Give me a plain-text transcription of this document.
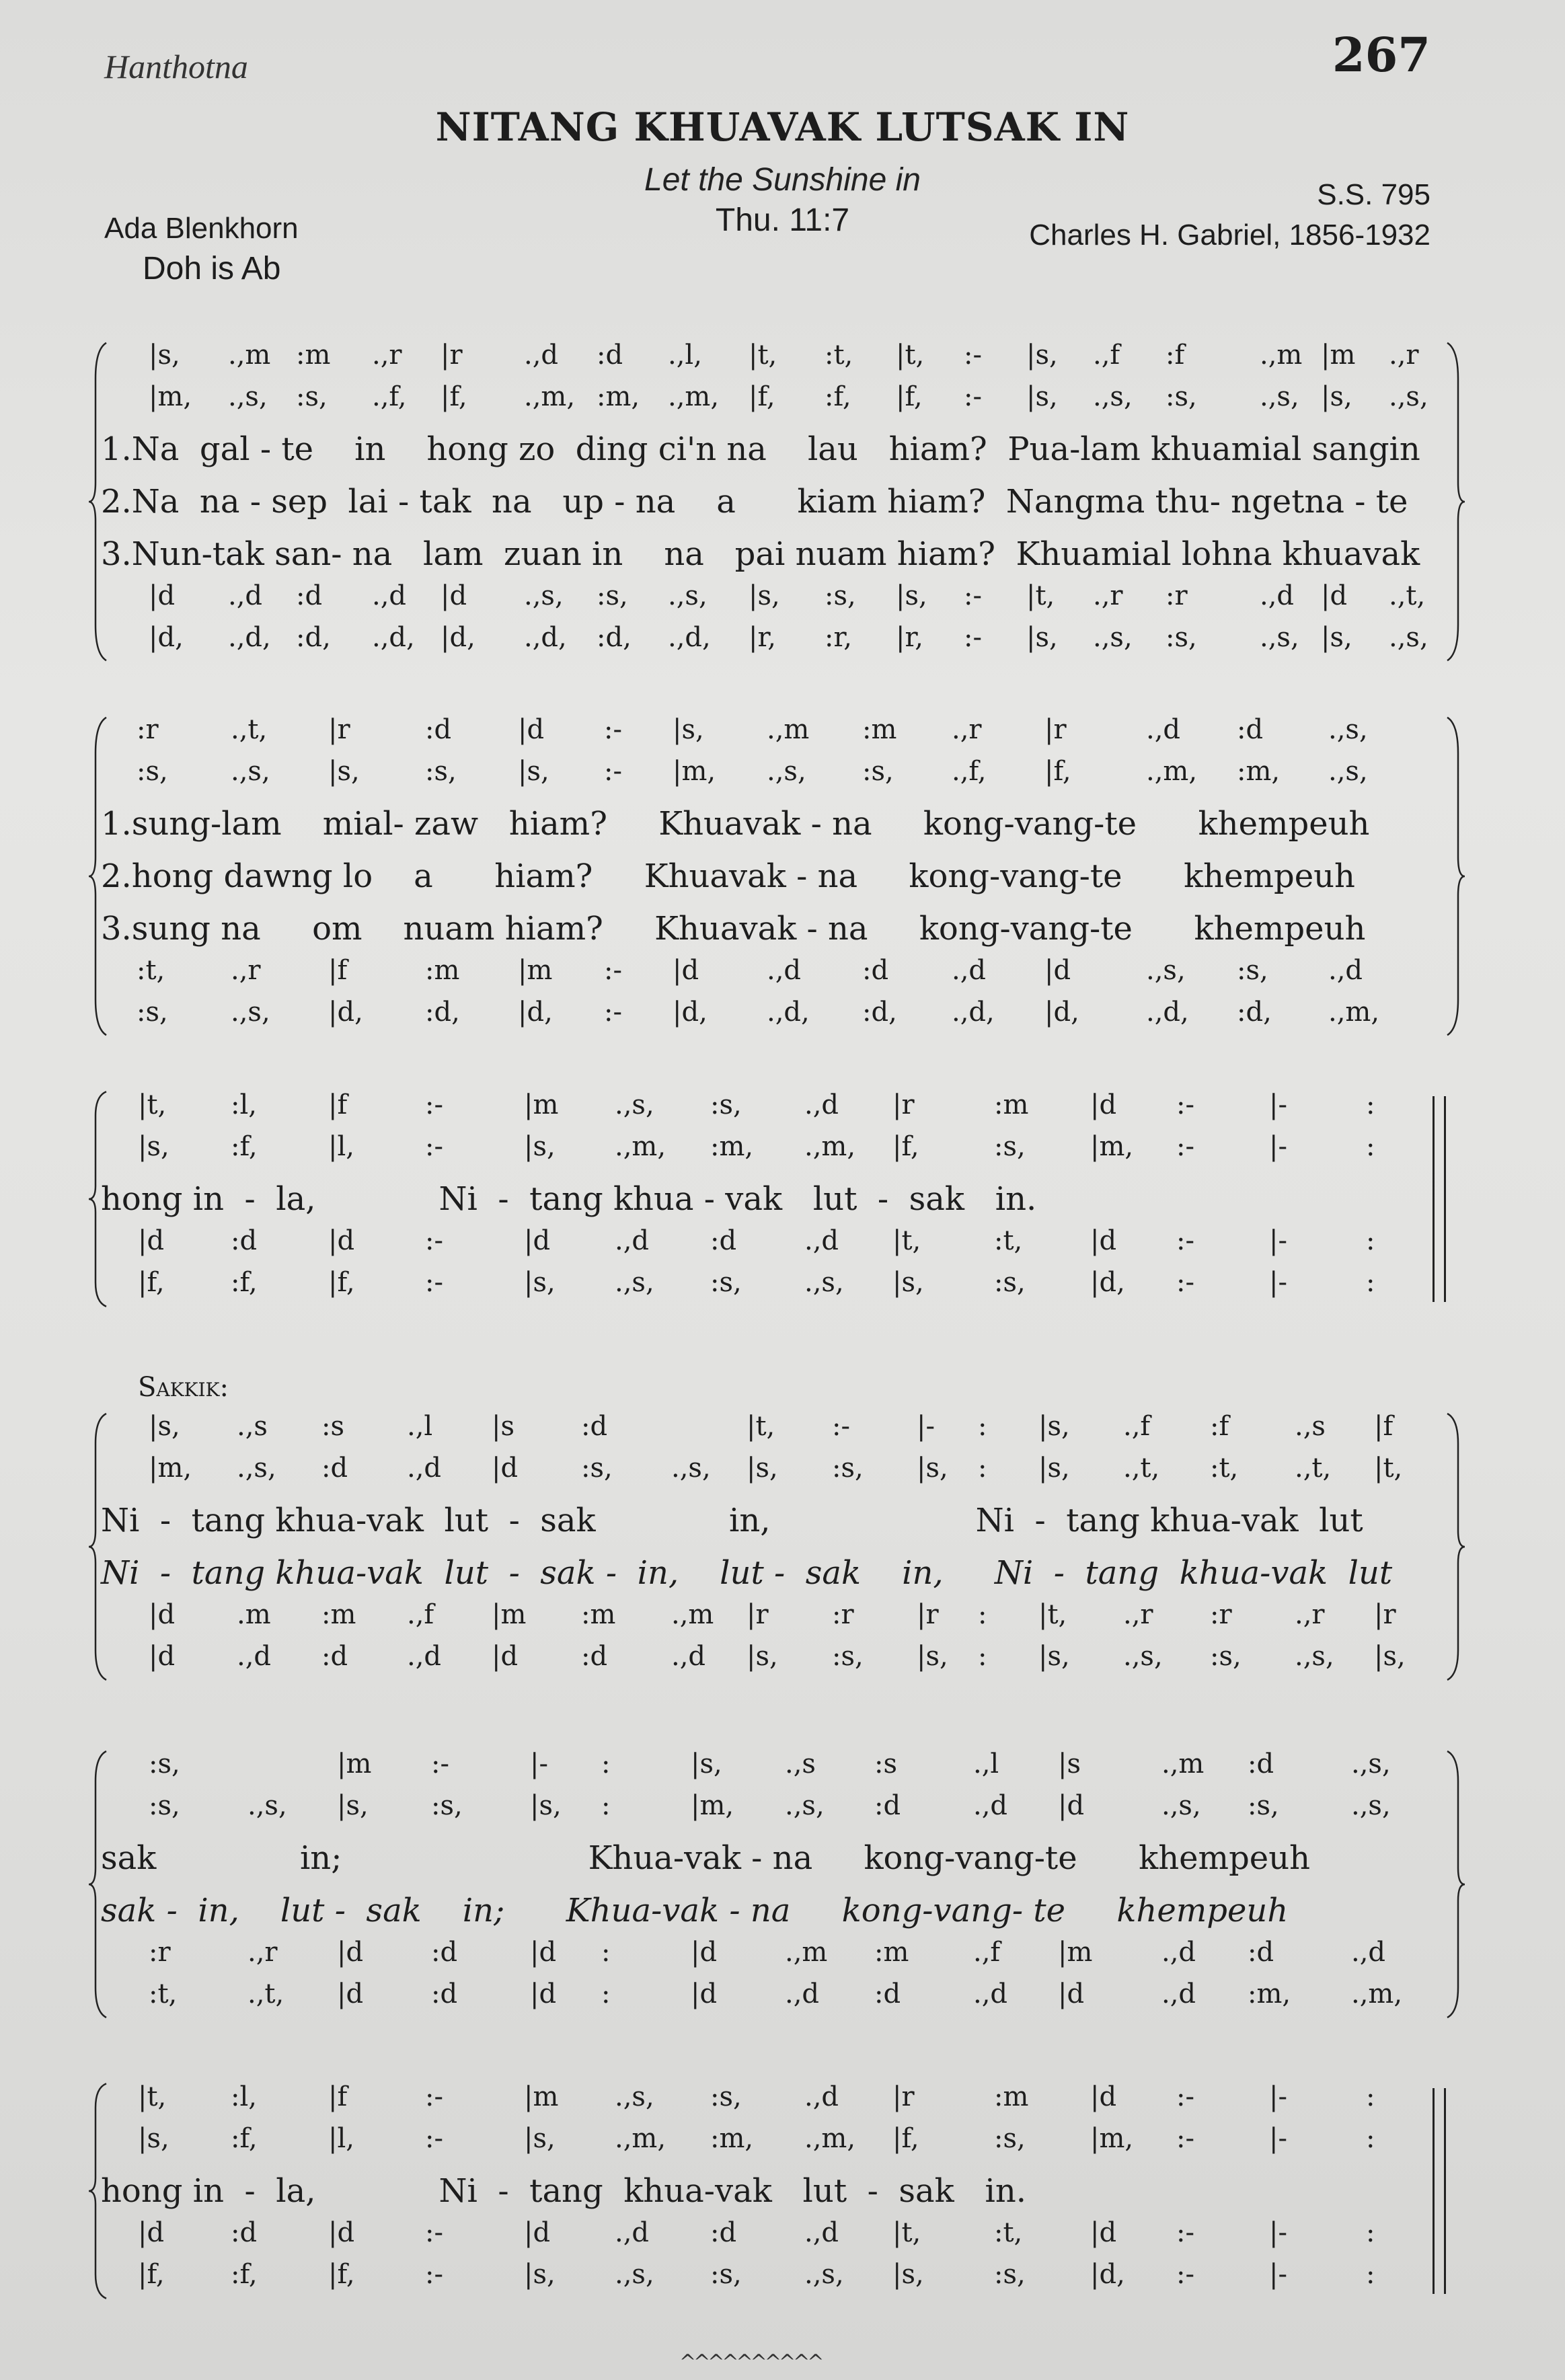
Hanthotna	267
NITANG KHUAVAK LUTSAK IN
Let the Sunshine in
Thu. 11:7
Ada Blenkhorn
Doh is Ab
S.S. 795
Charles H. Gabriel, 1856-1932
Sakkik:
^^^^^^^^^^
|s, .,m :m .,r |r .,d :d .,l, |t, :t, |t, :- |s, .,f :f	.,m |m .,r
|m, .,s, :s, .,f, |f, .,m, :m, .,m, |f, :f, |f, :- |s, .,s, :s, .,s, |s, .,s,
1.Na  gal - te    in    hong zo  ding ci'n na    lau   hiam?  Pua-lam khuamial sangin
2.Na  na - sep  lai - tak  na   up - na    a      kiam hiam?  Nangma thu- ngetna - te
3.Nun-tak san- na   lam  zuan in    na   pai nuam hiam?  Khuamial lohna khuavak
|d .,d :d .,d |d .,s, :s, .,s, |s, :s, |s, :- |t, .,r :r	.,d |d .,t,
|d, .,d, :d, .,d, |d, .,d, :d, .,d, |r, :r, |r, :- |s, .,s, :s, .,s, |s, .,s,
:r	.,t, |r	:d |d :- |s, .,m :m .,r |r	.,d :d .,s,
:s, .,s, |s, :s, |s, :- |m, .,s, :s, .,f, |f,	.,m, :m, .,s,
1.sung-lam    mial- zaw   hiam?     Khuavak - na     kong-vang-te      khempeuh
2.hong dawng lo    a      hiam?     Khuavak - na     kong-vang-te      khempeuh
3.sung na     om    nuam hiam?     Khuavak - na     kong-vang-te      khempeuh
:t, .,r	|f	:m |m :- |d	.,d :d .,d |d	.,s, :s, .,d
:s, .,s, |d, :d, |d, :- |d, .,d, :d, .,d, |d, .,d, :d, .,m,
|t, :l,	|f	:-	|m .,s, :s, .,d |r	:m |d :-	|-	:
|s, :f,	|l,	:-	|s, .,m, :m, .,m, |f,	:s, |m, :-	|-	:
hong in  -  la,            Ni  -  tang khua - vak   lut  -  sak   in.
|d :d	|d	:-	|d .,d :d	.,d |t,	:t,	|d :-	|-	:
|f, :f,	|f,	:-	|s, .,s, :s, .,s, |s,	:s, |d, :-	|-	:
|s, .,s :s .,l |s :d	|t, :- |- : |s, .,f :f .,s |f
|m, .,s, :d .,d |d :s, .,s, |s, :s, |s, : |s, .,t, :t, .,t, |t,
Ni  -  tang khua-vak  lut  -  sak             in,                    Ni  -  tang khua-vak  lut
Ni  -  tang khua-vak  lut  -  sak -  in,    lut -  sak    in,     Ni  -  tang  khua-vak  lut
|d .m :m .,f |m :m .,m |r :r |r : |t, .,r :r .,r |r
|d .,d :d .,d |d :d .,d |s, :s, |s, : |s, .,s, :s, .,s, |s,
:s,	|m :-	|- :	|s, .,s :s	.,l |s	.,m :d	.,s,
:s,	.,s, |s, :s,	|s, :	|m, .,s, :d	.,d |d	.,s, :s,	.,s,
sak              in;                        Khua-vak - na     kong-vang-te      khempeuh
sak -  in,    lut -  sak    in;      Khua-vak - na     kong-vang- te     khempeuh
:r	.,r |d	:d	|d :	|d	.,m :m .,f |m	.,d :d	.,d
:t,	.,t, |d	:d	|d :	|d	.,d :d	.,d |d	.,d :m, .,m,
|t, :l,	|f	:-	|m .,s, :s, .,d |r	:m |d :-	|-	:
|s, :f,	|l,	:-	|s, .,m, :m, .,m, |f,	:s, |m, :-	|-	:
hong in  -  la,            Ni  -  tang  khua-vak   lut  -  sak   in.
|d :d	|d	:-	|d .,d :d	.,d |t,	:t,	|d :-	|-	:
|f, :f,	|f,	:-	|s, .,s, :s, .,s, |s,	:s, |d, :-	|-	:
